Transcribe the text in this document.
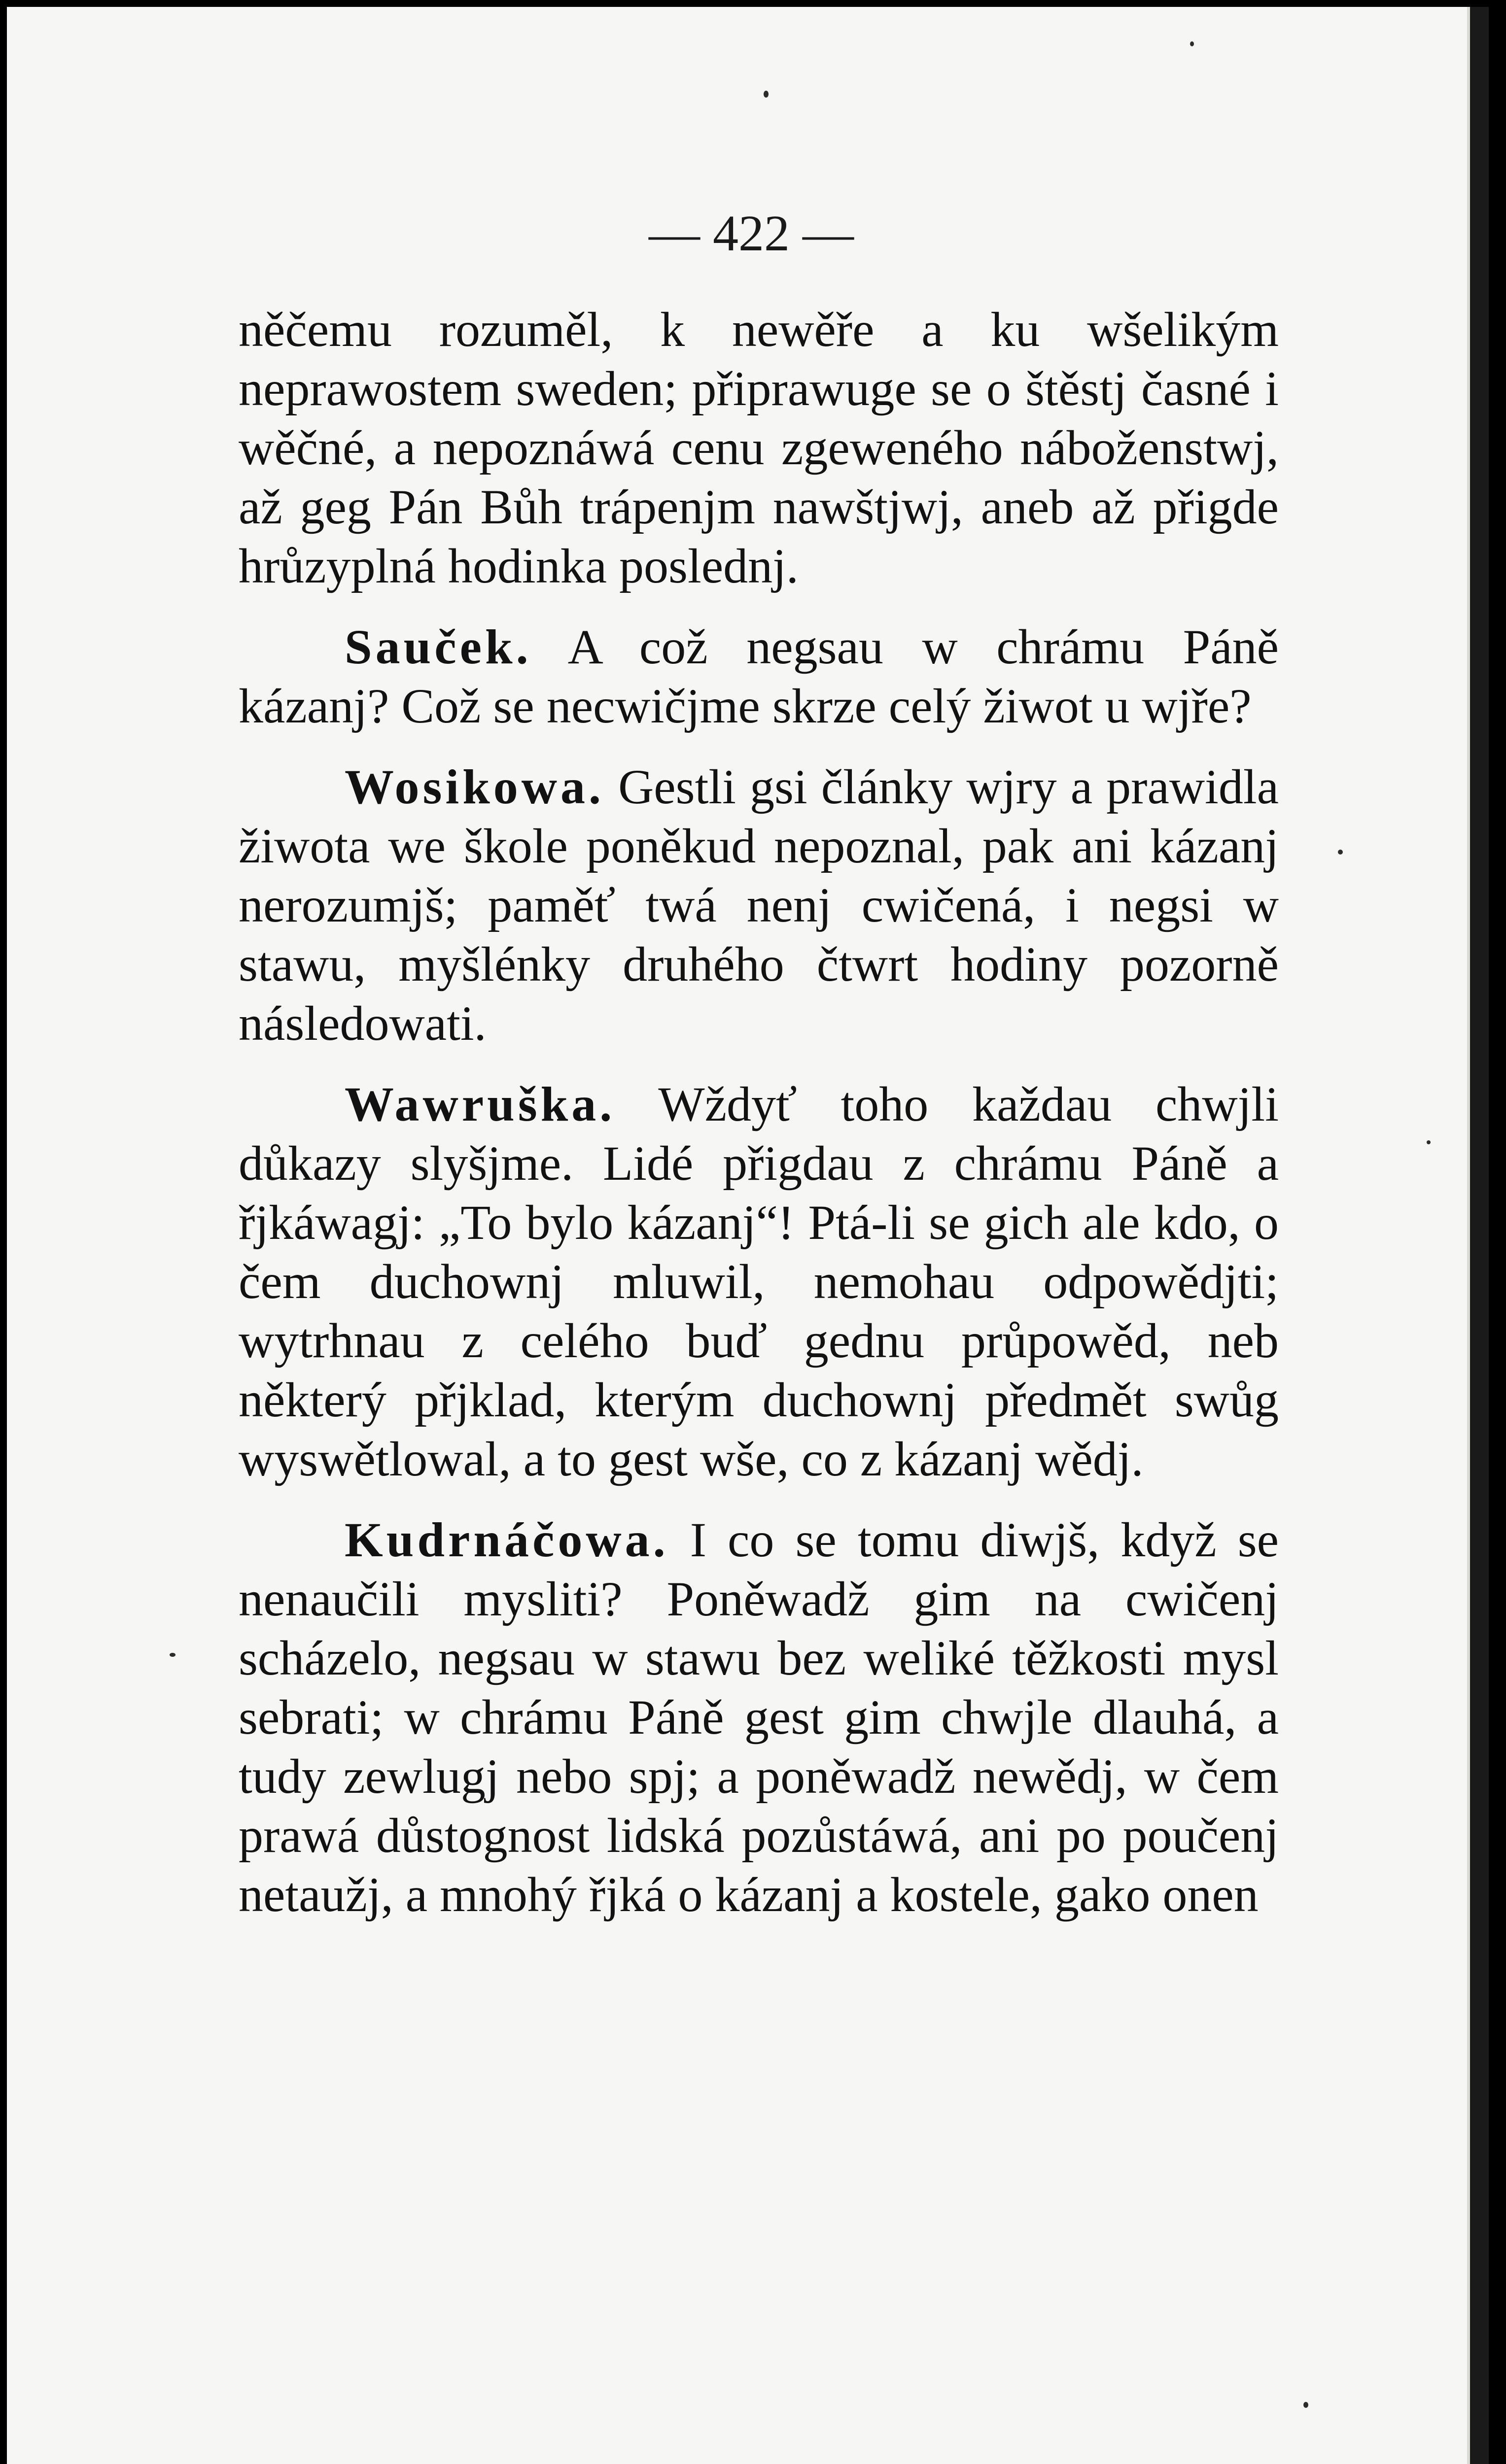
— 422 —

něčemu rozuměl, k newěře a ku wšelikým neprawostem sweden; připrawuge se o štěstj časné i wěčné, a nepoznáwá cenu zgeweného náboženstwj, až geg Pán Bůh trápenjm nawštjwj, aneb až přigde hrůzyplná hodinka poslednj.

Sauček. A což negsau w chrámu Páně kázanj? Což se necwičjme skrze celý žiwot u wjře?

Wosikowa. Gestli gsi články wjry a prawidla žiwota we škole poněkud nepoznal, pak ani kázanj nerozumjš; paměť twá nenj cwičená, i negsi w stawu, myšlénky druhého čtwrt hodiny pozorně následowati.

Wawruška. Wždyť toho každau chwjli důkazy slyšjme. Lidé přigdau z chrámu Páně a řjkáwagj: „To bylo kázanj“! Ptá-li se gich ale kdo, o čem duchownj mluwil, nemohau odpowědjti; wytrhnau z celého buď gednu průpowěd, neb některý přjklad, kterým duchownj předmět swůg wyswětlowal, a to gest wše, co z kázanj wědj.

Kudrnáčowa. I co se tomu diwjš, když se nenaučili mysliti? Poněwadž gim na cwičenj scházelo, negsau w stawu bez weliké těžkosti mysl sebrati; w chrámu Páně gest gim chwjle dlauhá, a tudy zewlugj nebo spj; a poněwadž newědj, w čem prawá důstognost lidská pozůstáwá, ani po poučenj netaužj, a mnohý řjká o kázanj a kostele, gako onen
